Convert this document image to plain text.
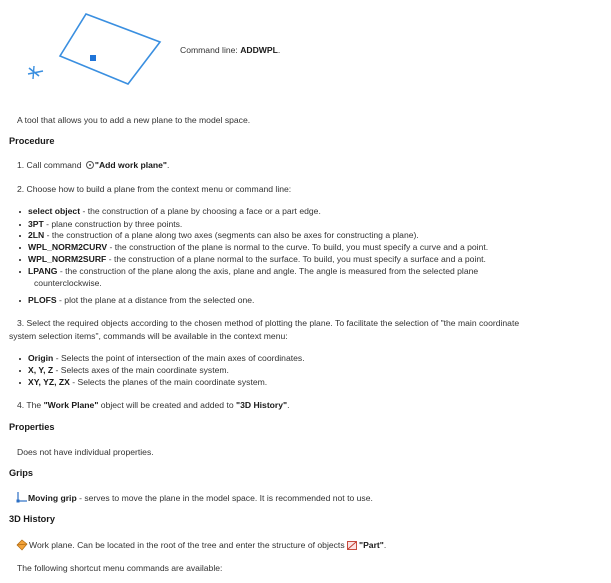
Command line: ADDWPL.
A tool that allows you to add a new plane to the model space.
Procedure
1. Call command "Add work plane".
2. Choose how to build a plane from the context menu or command line:
select object - the construction of a plane by choosing a face or a part edge.
3PT - plane construction by three points.
2LN - the construction of a plane along two axes (segments can also be axes for constructing a plane).
WPL_NORM2CURV - the construction of the plane is normal to the curve. To build, you must specify a curve and a point.
WPL_NORM2SURF - the construction of a plane normal to the surface. To build, you must specify a surface and a point.
LPANG - the construction of the plane along the axis, plane and angle. The angle is measured from the selected plane
counterclockwise.
PLOFS - plot the plane at a distance from the selected one.
3. Select the required objects according to the chosen method of plotting the plane. To facilitate the selection of "the main coordinate
system selection items", commands will be available in the context menu:
Origin - Selects the point of intersection of the main axes of coordinates.
X, Y, Z - Selects axes of the main coordinate system.
XY, YZ, ZX - Selects the planes of the main coordinate system.
4. The "Work Plane" object will be created and added to "3D History".
Properties
Does not have individual properties.
Grips
Moving grip - serves to move the plane in the model space. It is recommended not to use.
3D History
Work plane. Can be located in the root of the tree and enter the structure of objects "Part".
The following shortcut menu commands are available:
